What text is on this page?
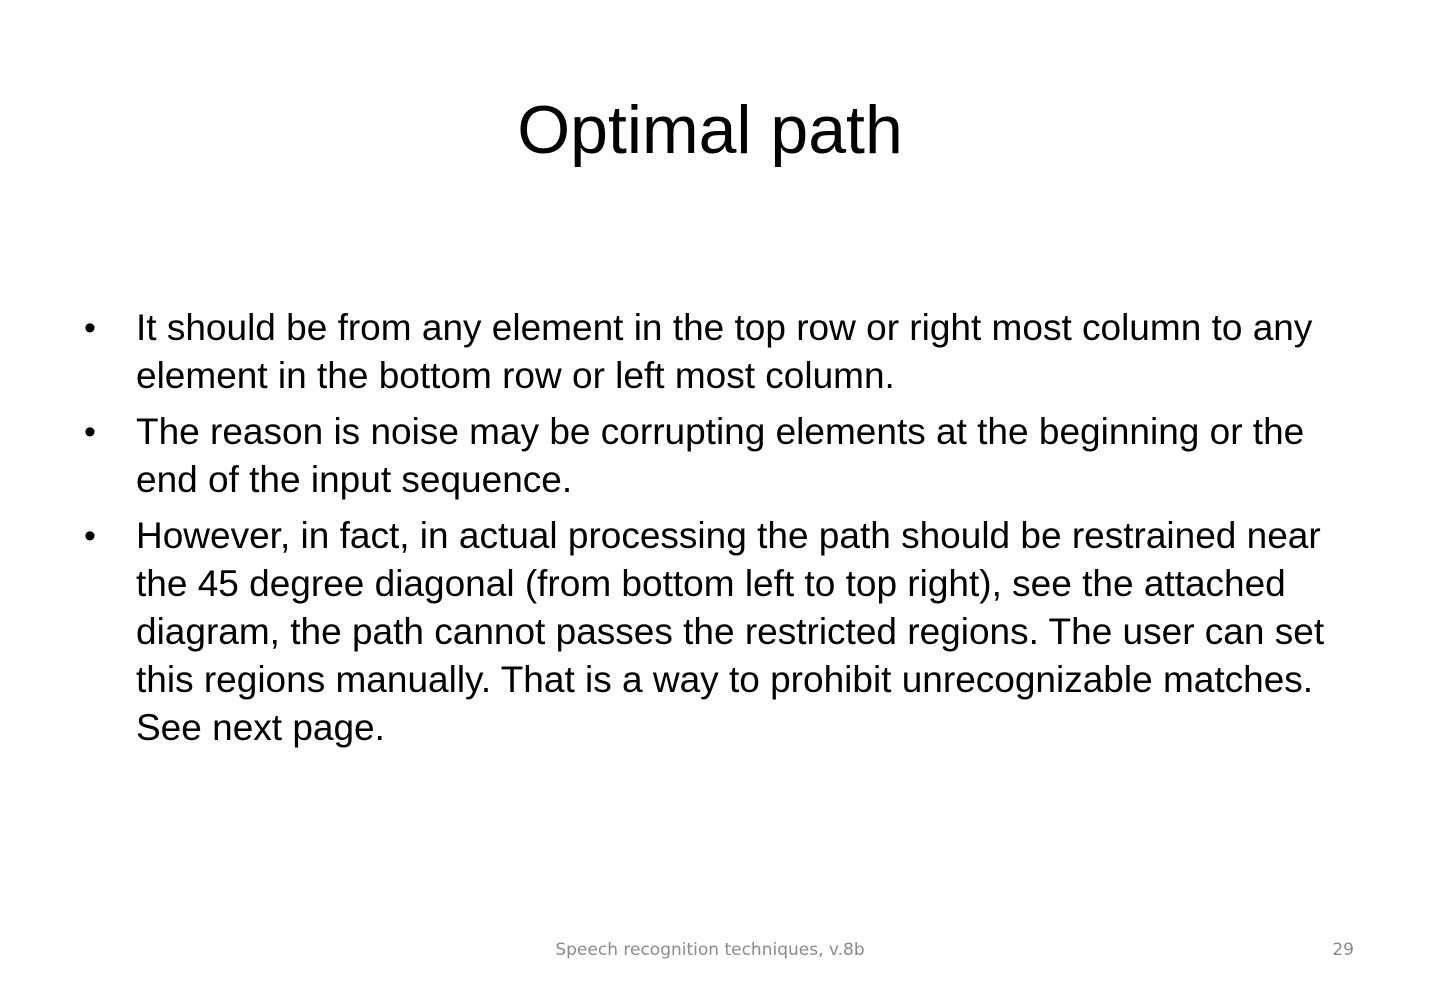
Optimal path
• It should be from any element in the top row or right most column to any element in the bottom row or left most column.
• The reason is noise may be corrupting elements at the beginning or the end of the input sequence.
• However, in fact, in actual processing the path should be restrained near the 45 degree diagonal (from bottom left to top right), see the attached diagram, the path cannot passes the restricted regions. The user can set this regions manually. That is a way to prohibit unrecognizable matches. See next page.
Speech recognition techniques, v.8b	29
